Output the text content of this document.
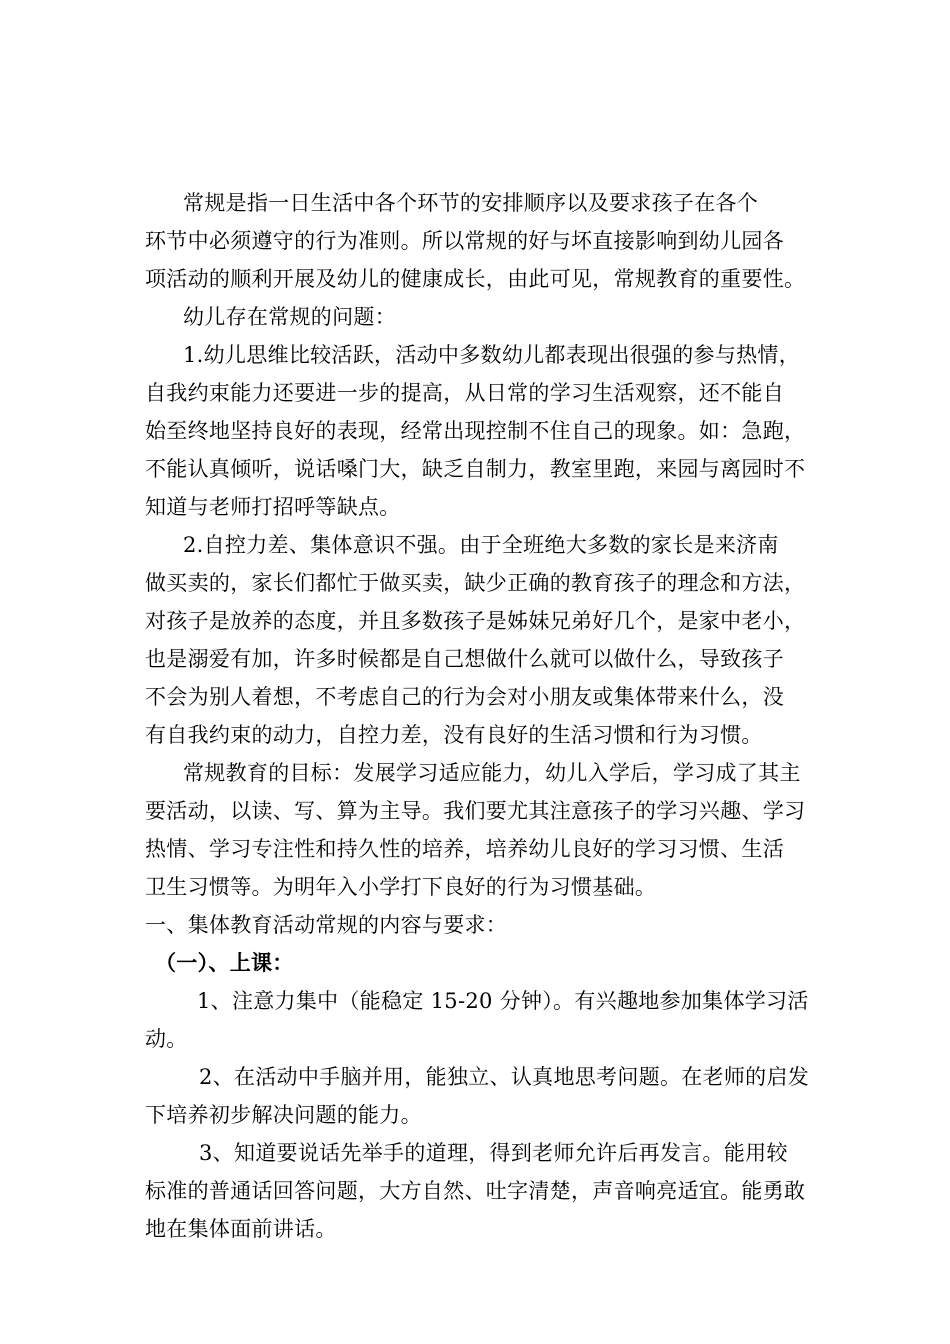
常规是指一日生活中各个环节的安排顺序以及要求孩子在各个
环节中必须遵守的行为准则。所以常规的好与坏直接影响到幼儿园各
项活动的顺利开展及幼儿的健康成长，由此可见，常规教育的重要性。
幼儿存在常规的问题：
1.幼儿思维比较活跃，活动中多数幼儿都表现出很强的参与热情，
自我约束能力还要进一步的提高，从日常的学习生活观察，还不能自
始至终地坚持良好的表现，经常出现控制不住自己的现象。如：急跑，
不能认真倾听，说话嗓门大，缺乏自制力，教室里跑，来园与离园时不
知道与老师打招呼等缺点。
2.自控力差、集体意识不强。由于全班绝大多数的家长是来济南
做买卖的，家长们都忙于做买卖，缺少正确的教育孩子的理念和方法，
对孩子是放养的态度，并且多数孩子是姊妹兄弟好几个，是家中老小，
也是溺爱有加，许多时候都是自己想做什么就可以做什么，导致孩子
不会为别人着想，不考虑自己的行为会对小朋友或集体带来什么，没
有自我约束的动力，自控力差，没有良好的生活习惯和行为习惯。
常规教育的目标：发展学习适应能力，幼儿入学后，学习成了其主
要活动，以读、写、算为主导。我们要尤其注意孩子的学习兴趣、学习
热情、学习专注性和持久性的培养，培养幼儿良好的学习习惯、生活
卫生习惯等。为明年入小学打下良好的行为习惯基础。
一、集体教育活动常规的内容与要求：
（一）、上课：
1、注意力集中（能稳定 15-20 分钟）。有兴趣地参加集体学习活
动。
2、在活动中手脑并用，能独立、认真地思考问题。在老师的启发
下培养初步解决问题的能力。
3、知道要说话先举手的道理，得到老师允许后再发言。能用较
标准的普通话回答问题，大方自然、吐字清楚，声音响亮适宜。能勇敢
地在集体面前讲话。
